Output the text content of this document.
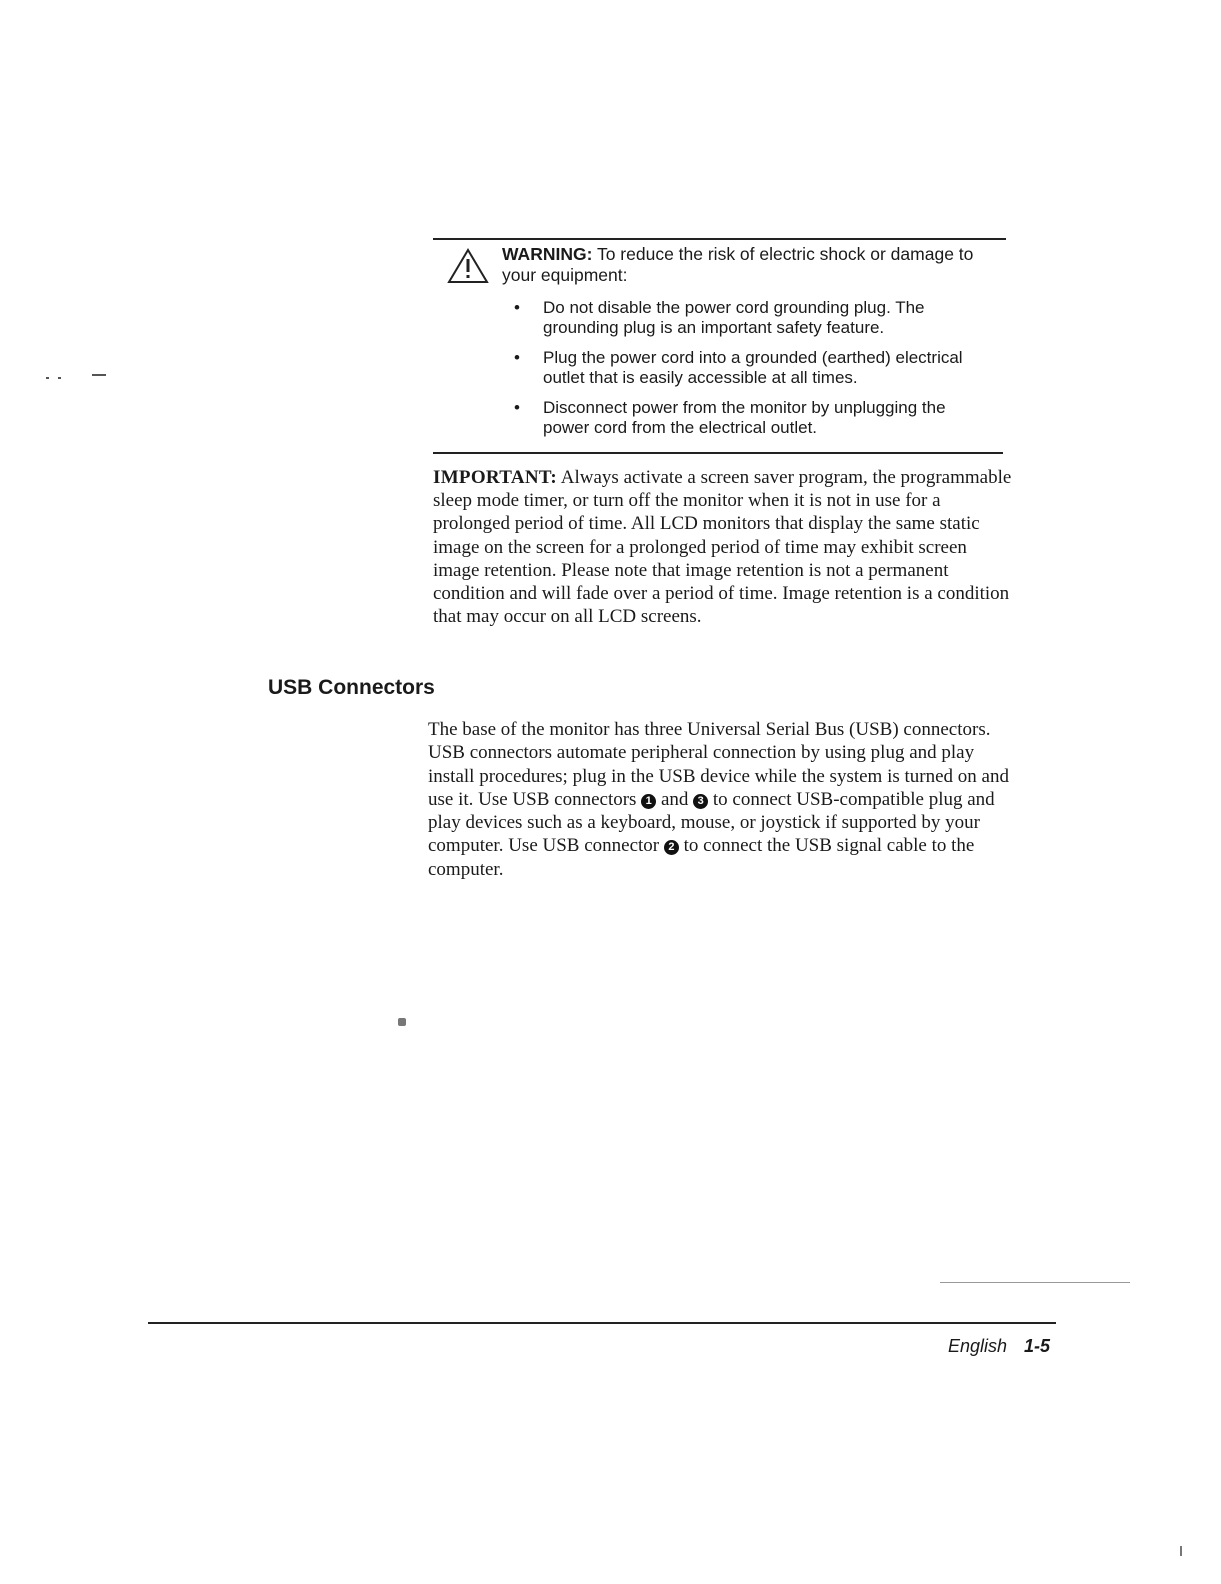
WARNING: To reduce the risk of electric shock or damage to your equipment:
• Do not disable the power cord grounding plug. The grounding plug is an important safety feature.
• Plug the power cord into a grounded (earthed) electrical outlet that is easily accessible at all times.
• Disconnect power from the monitor by unplugging the power cord from the electrical outlet.

IMPORTANT: Always activate a screen saver program, the programmable sleep mode timer, or turn off the monitor when it is not in use for a prolonged period of time. All LCD monitors that display the same static image on the screen for a prolonged period of time may exhibit screen image retention. Please note that image retention is not a permanent condition and will fade over a period of time. Image retention is a condition that may occur on all LCD screens.

USB Connectors

The base of the monitor has three Universal Serial Bus (USB) connectors. USB connectors automate peripheral connection by using plug and play install procedures; plug in the USB device while the system is turned on and use it. Use USB connectors 1 and 3 to connect USB-compatible plug and play devices such as a keyboard, mouse, or joystick if supported by your computer. Use USB connector 2 to connect the USB signal cable to the computer.

English 1-5
